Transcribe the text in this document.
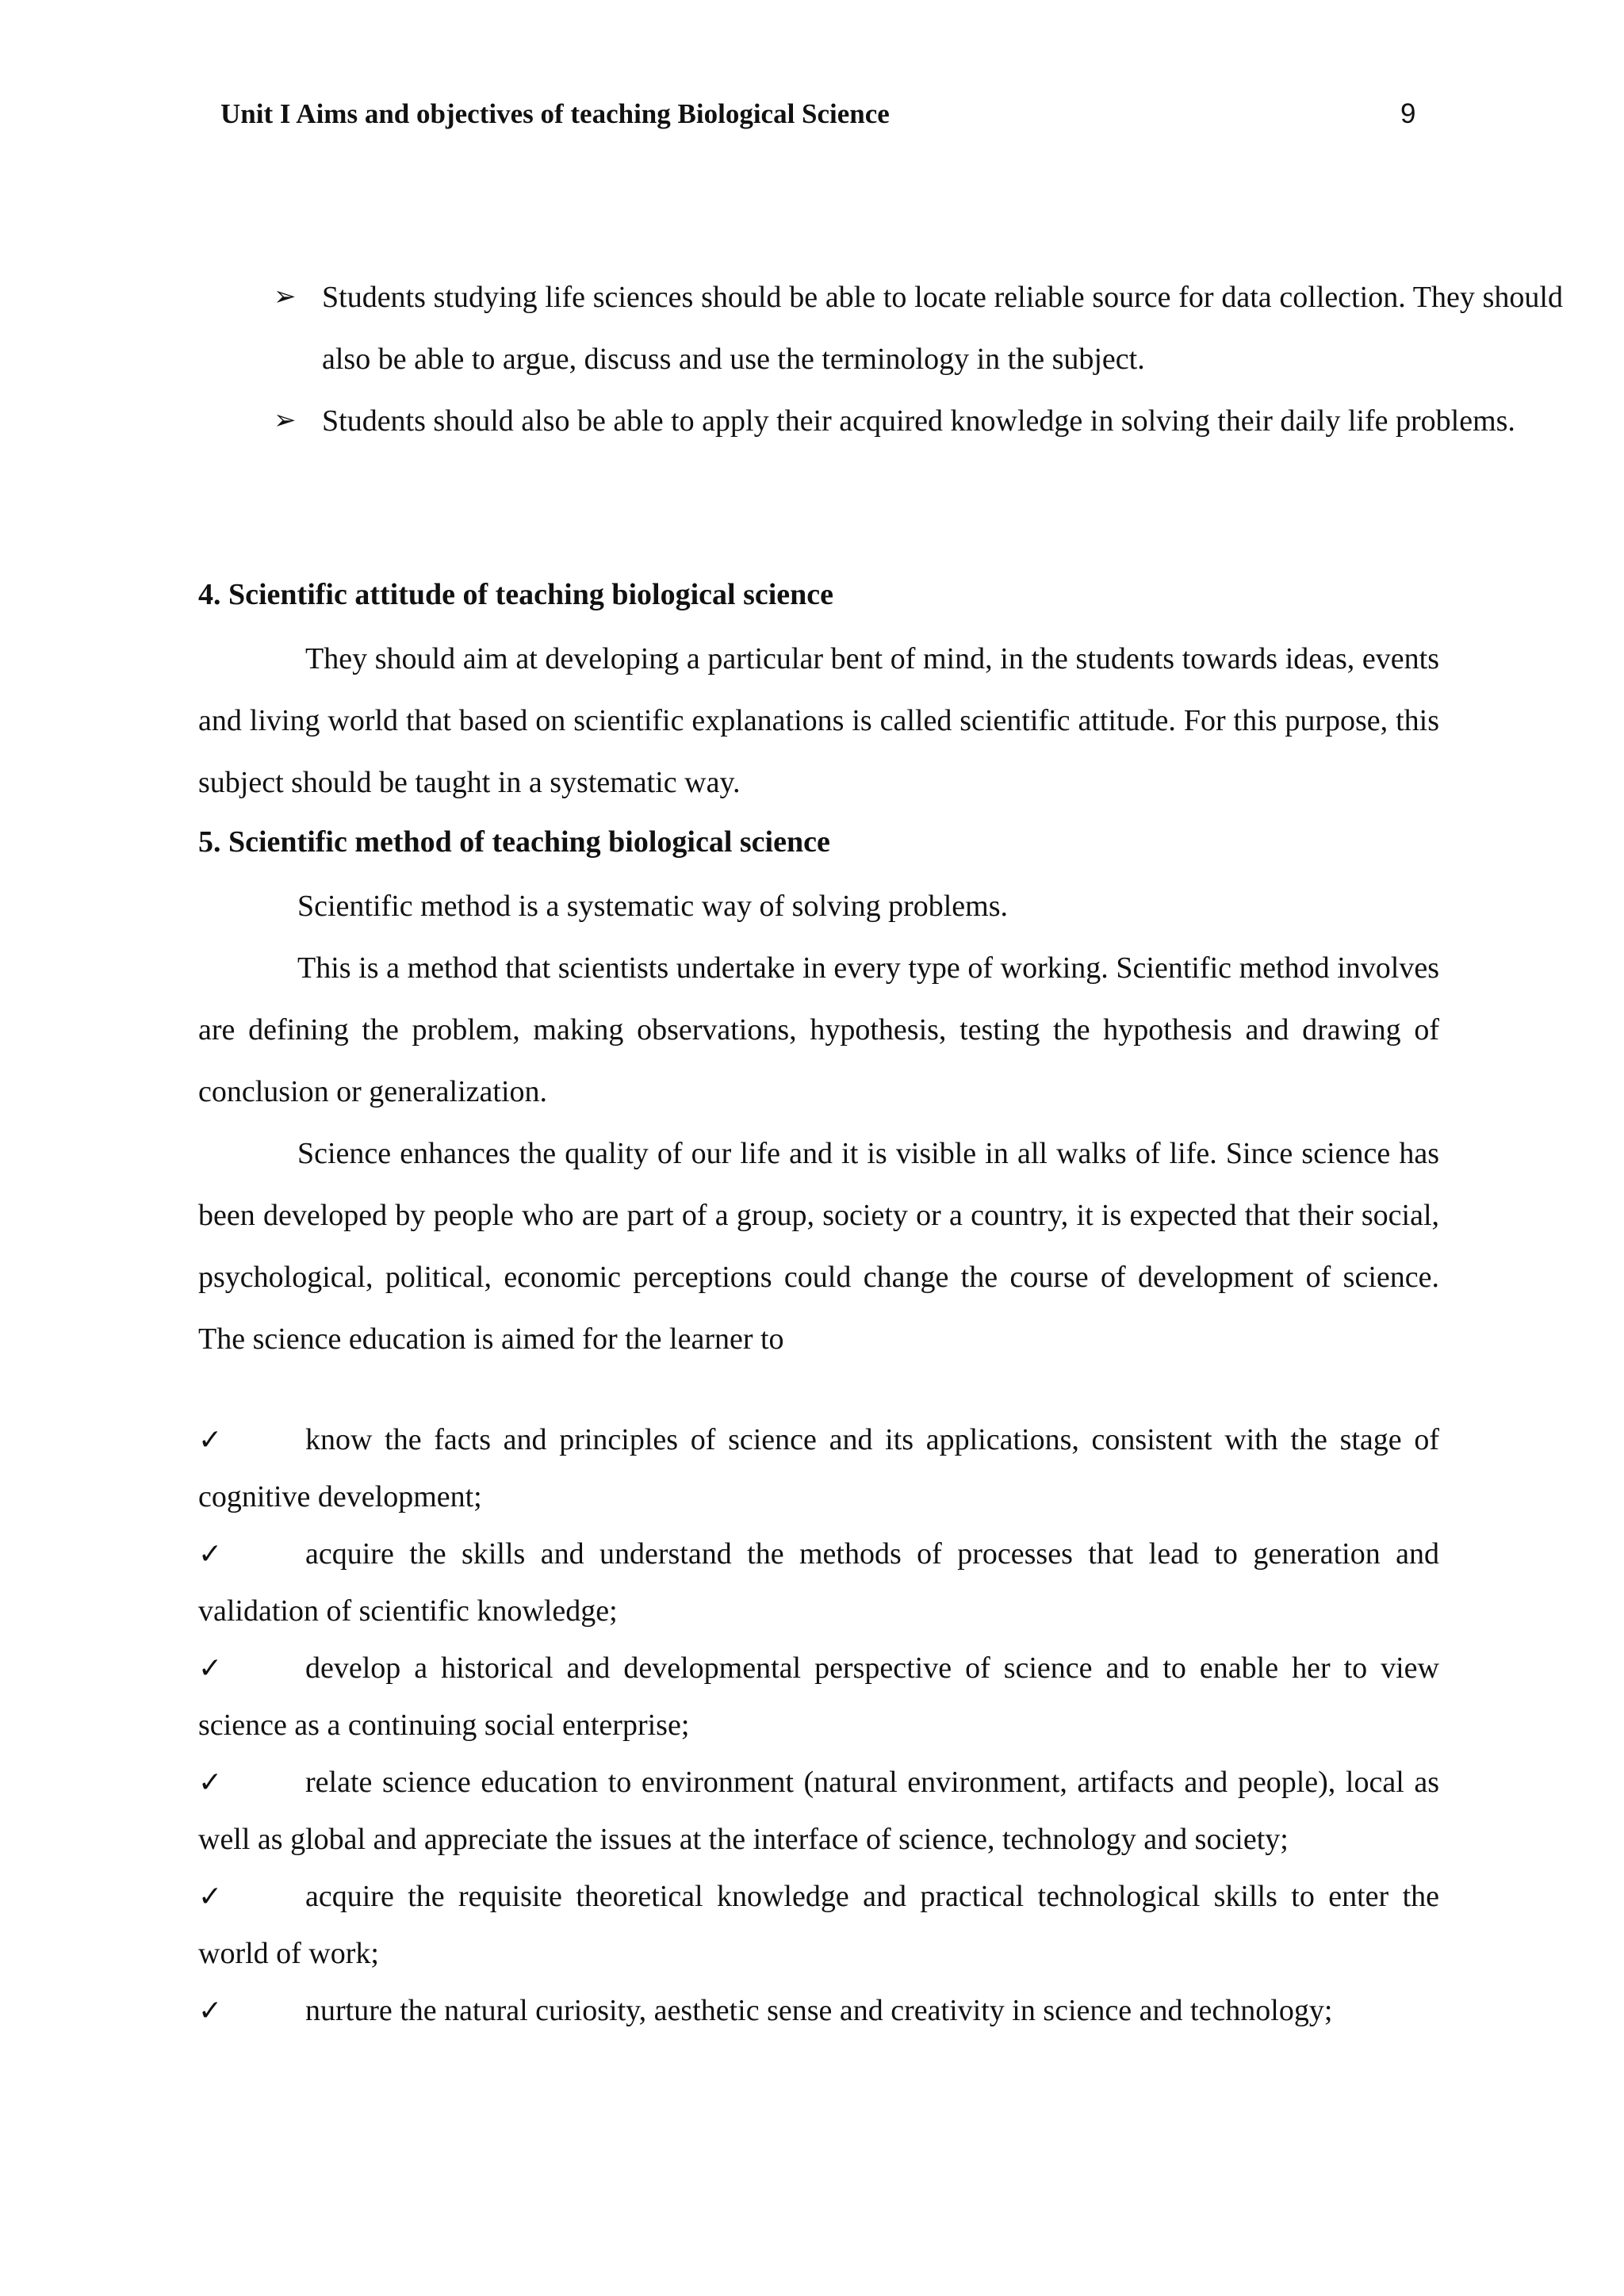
Unit I Aims and objectives of teaching Biological Science	9
➢ Students studying life sciences should be able to locate reliable source for data collection. They should also be able to argue, discuss and use the terminology in the subject.
➢ Students should also be able to apply their acquired knowledge in solving their daily life problems.
4. Scientific attitude of teaching biological science
They should aim at developing a particular bent of mind, in the students towards ideas, events and living world that based on scientific explanations is called scientific attitude. For this purpose, this subject should be taught in a systematic way.
5. Scientific method of teaching biological science
Scientific method is a systematic way of solving problems.
This is a method that scientists undertake in every type of working. Scientific method involves are defining the problem, making observations, hypothesis, testing the hypothesis and drawing of conclusion or generalization.
Science enhances the quality of our life and it is visible in all walks of life. Since science has been developed by people who are part of a group, society or a country, it is expected that their social, psychological, political, economic perceptions could change the course of development of science. The science education is aimed for the learner to
✓	know the facts and principles of science and its applications, consistent with the stage of cognitive development;
✓	acquire the skills and understand the methods of processes that lead to generation and validation of scientific knowledge;
✓	develop a historical and developmental perspective of science and to enable her to view science as a continuing social enterprise;
✓	relate science education to environment (natural environment, artifacts and people), local as well as global and appreciate the issues at the interface of science, technology and society;
✓	acquire the requisite theoretical knowledge and practical technological skills to enter the world of work;
✓	nurture the natural curiosity, aesthetic sense and creativity in science and technology;
